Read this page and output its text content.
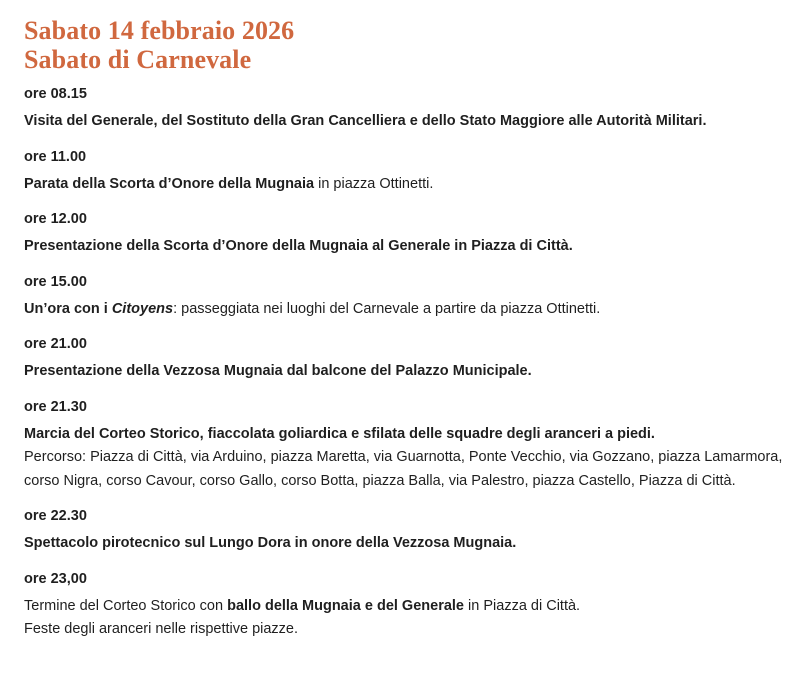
Sabato 14 febbraio 2026
Sabato di Carnevale
ore 08.15

Visita del Generale, del Sostituto della Gran Cancelliera e dello Stato Maggiore alle Autorità Militari.

ore 11.00

Parata della Scorta d’Onore della Mugnaia in piazza Ottinetti.

ore 12.00

Presentazione della Scorta d’Onore della Mugnaia al Generale in Piazza di Città.

ore 15.00

Un’ora con i Citoyens: passeggiata nei luoghi del Carnevale a partire da piazza Ottinetti.

ore 21.00

Presentazione della Vezzosa Mugnaia dal balcone del Palazzo Municipale.

ore 21.30

Marcia del Corteo Storico, fiaccolata goliardica e sfilata delle squadre degli aranceri a piedi.

Percorso: Piazza di Città, via Arduino, piazza Maretta, via Guarnotta, Ponte Vecchio, via Gozzano, piazza Lamarmora, corso Nigra, corso Cavour, corso Gallo, corso Botta, piazza Balla, via Palestro, piazza Castello, Piazza di Città.

ore 22.30

Spettacolo pirotecnico sul Lungo Dora in onore della Vezzosa Mugnaia.

ore 23,00

Termine del Corteo Storico con ballo della Mugnaia e del Generale in Piazza di Città.

Feste degli aranceri nelle rispettive piazze.
